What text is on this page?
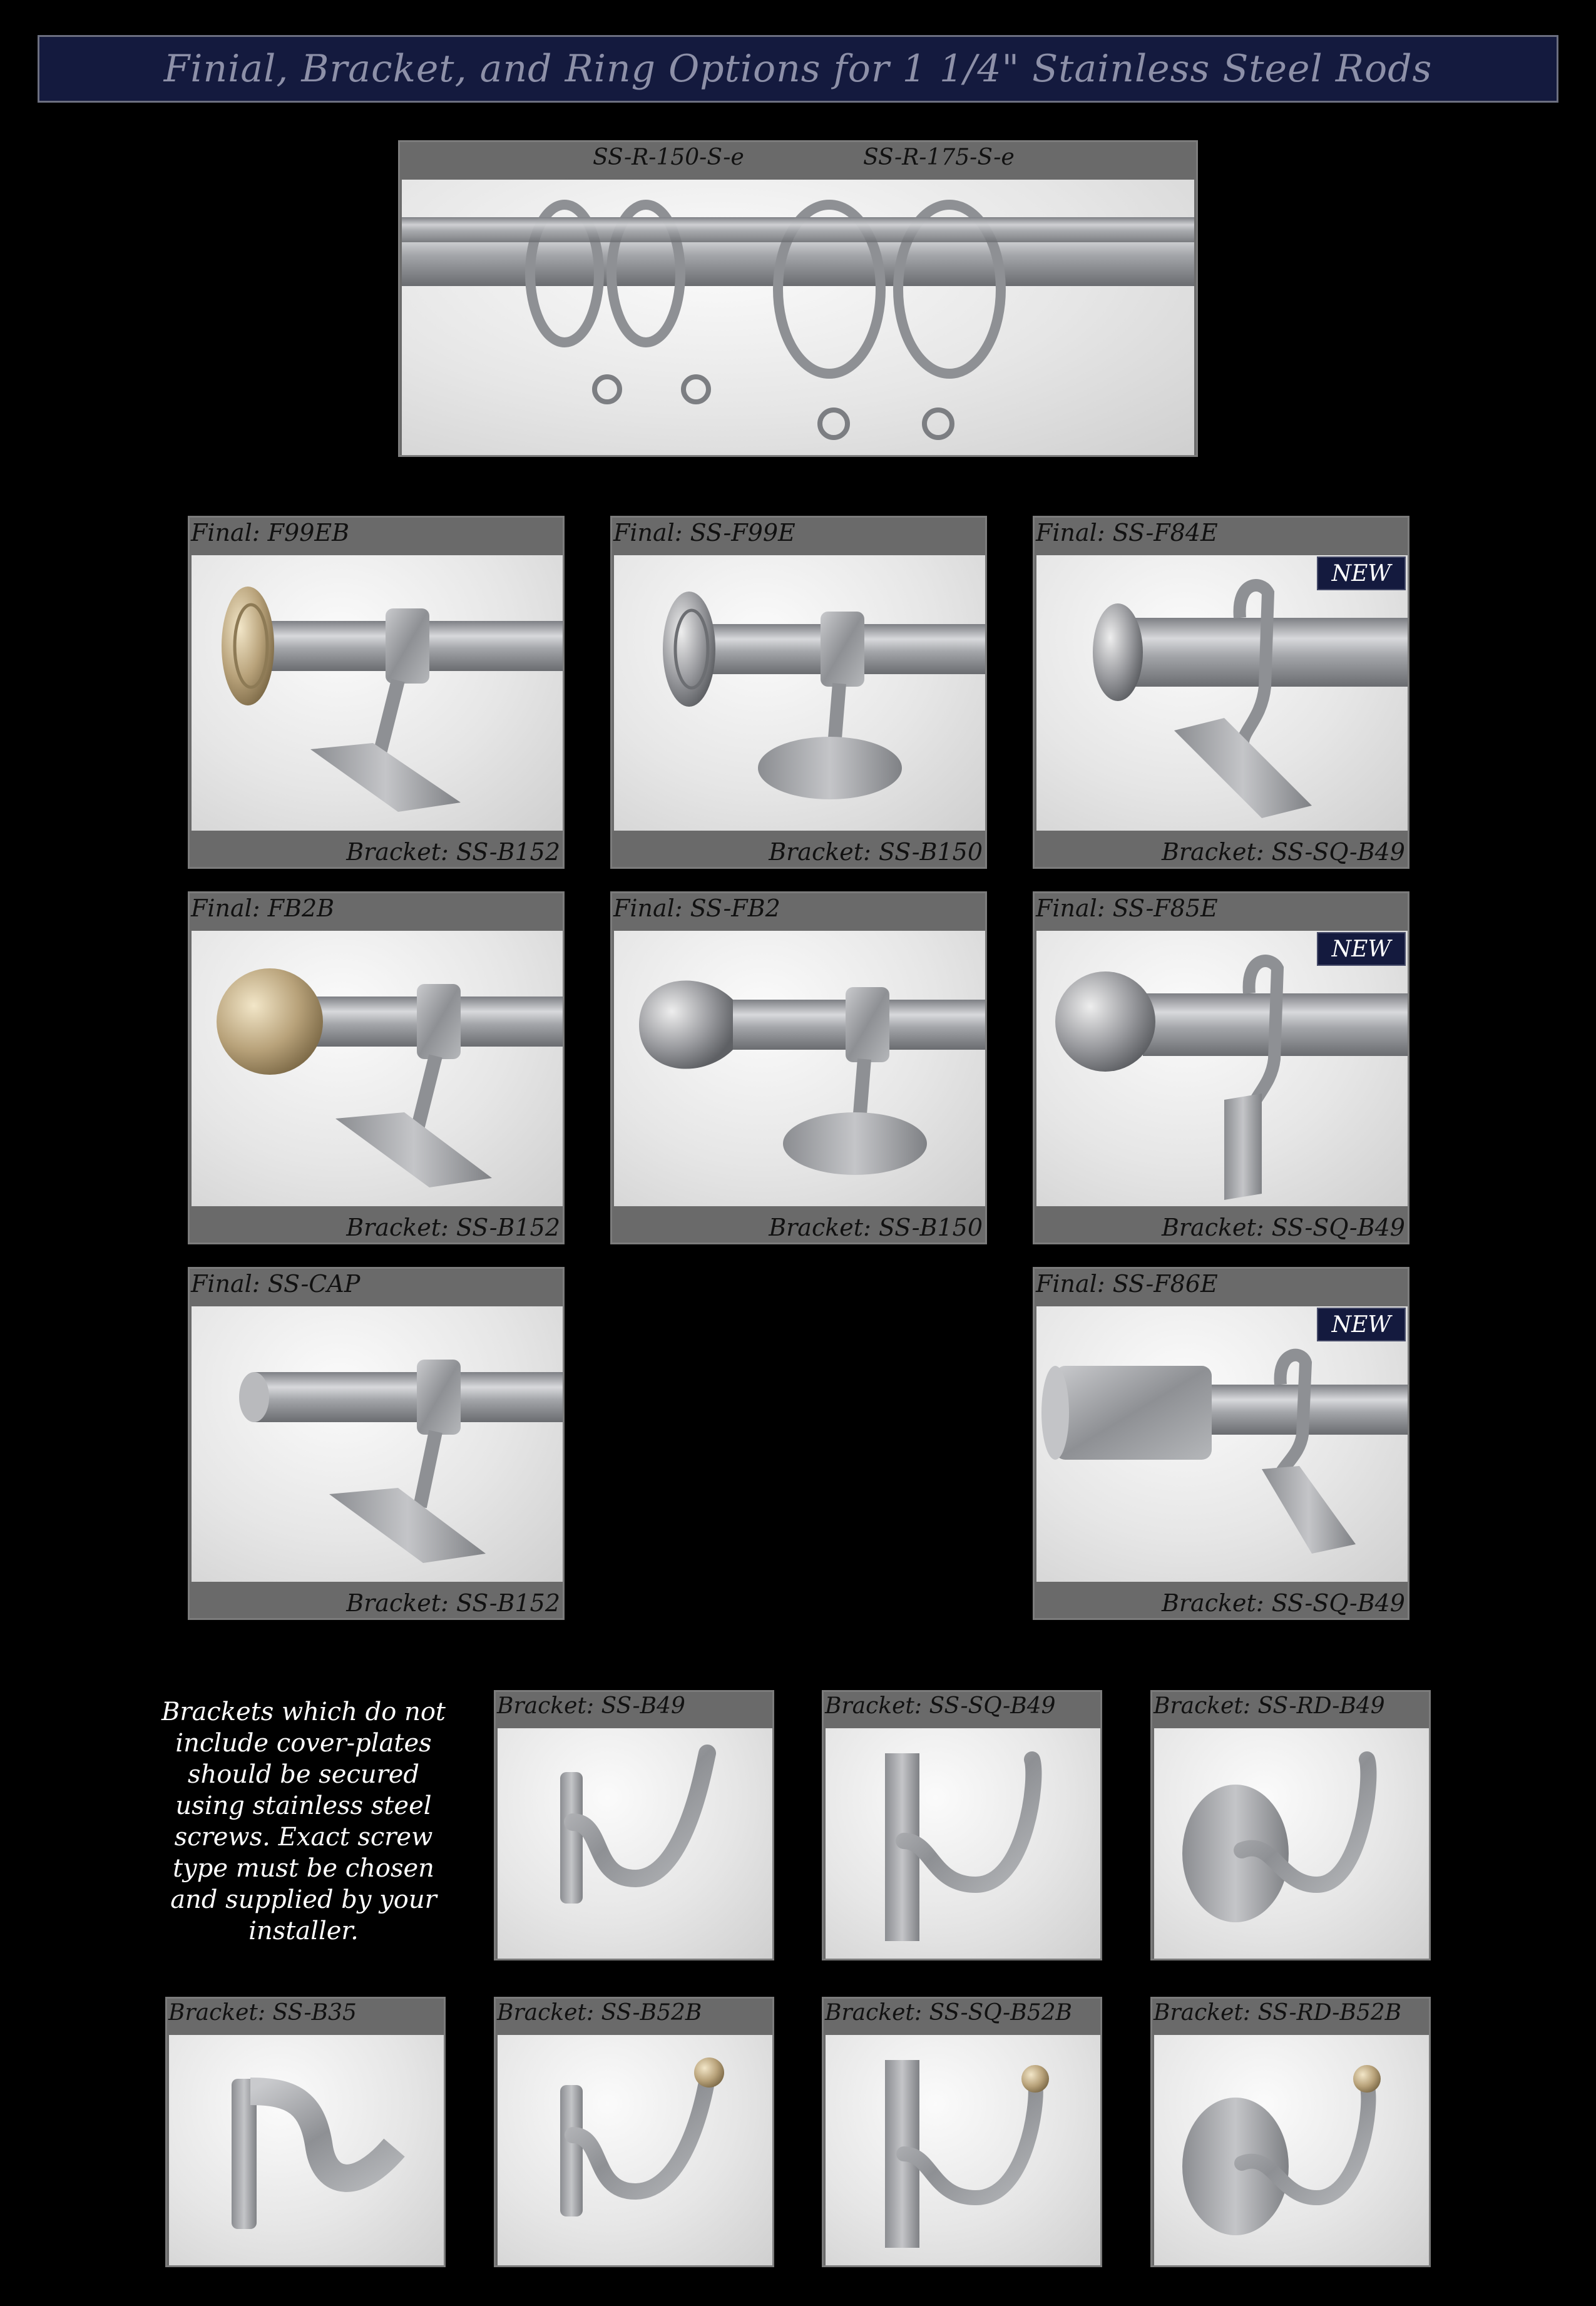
Finial, Bracket, and Ring Options for 1 1/4" Stainless Steel Rods
SS-R-150-S-e	SS-R-175-S-e
Final: F99EB
Bracket: SS-B152
Final: SS-F99E
Bracket: SS-B150
Final: SS-F84E
NEW
Bracket: SS-SQ-B49
Final: FB2B
Bracket: SS-B152
Final: SS-FB2
Bracket: SS-B150
Final: SS-F85E
NEW
Bracket: SS-SQ-B49
Final: SS-CAP
Bracket: SS-B152
Final: SS-F86E
NEW
Bracket: SS-SQ-B49
Brackets which do not include cover-plates should be secured using stainless steel screws. Exact screw type must be chosen and supplied by your installer.
Bracket: SS-B49	Bracket: SS-SQ-B49	Bracket: SS-RD-B49
Bracket: SS-B35	Bracket: SS-B52B	Bracket: SS-SQ-B52B	Bracket: SS-RD-B52B
